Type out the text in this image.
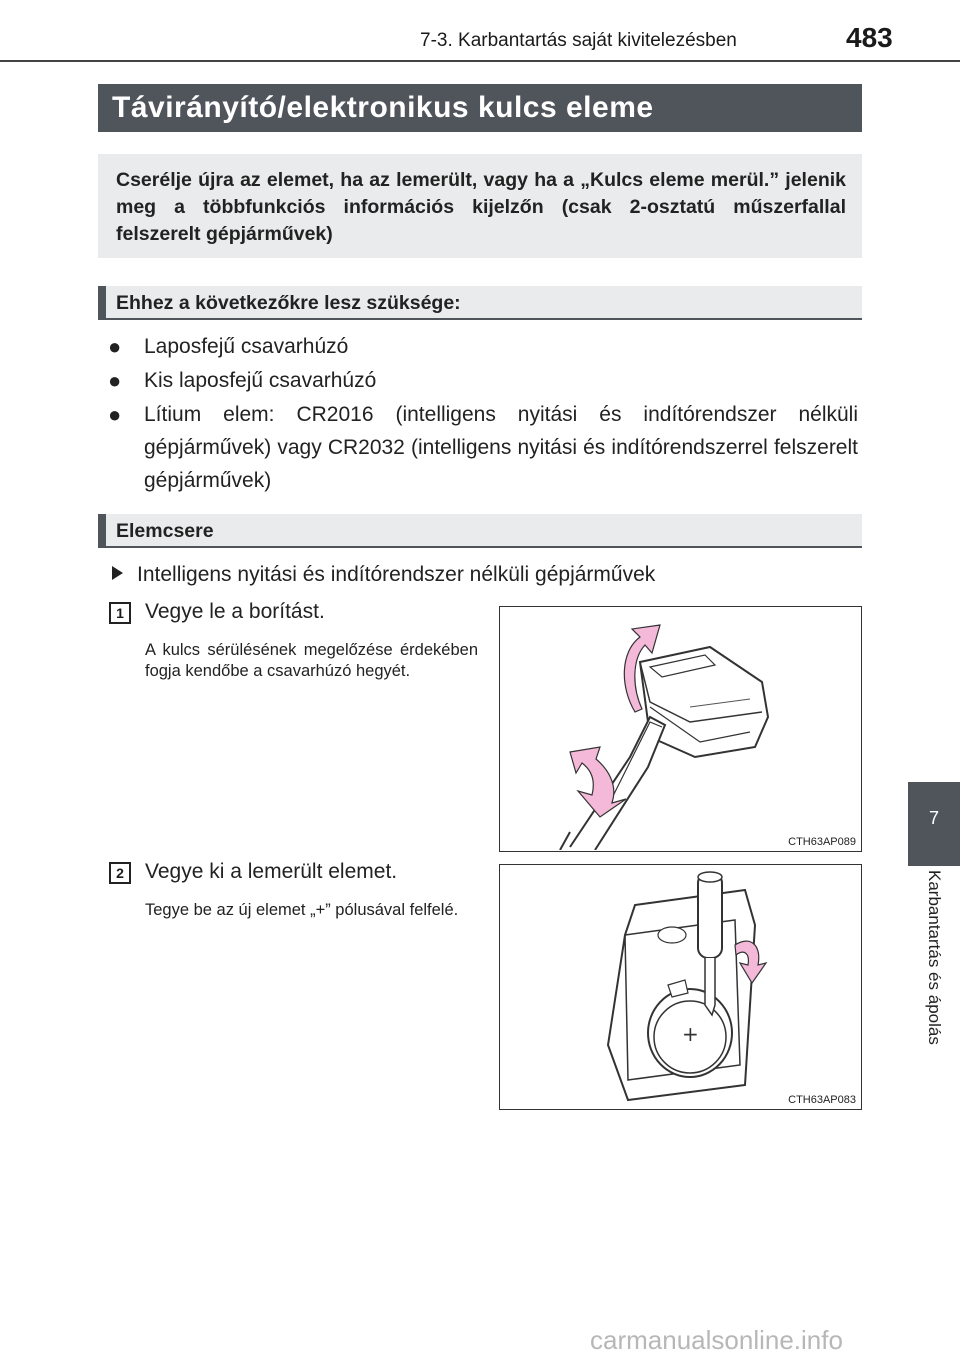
7-3. Karbantartás saját kivitelezésben	483
Távirányító/elektronikus kulcs eleme
Cserélje újra az elemet, ha az lemerült, vagy ha a „Kulcs eleme merül.” jelenik meg a többfunkciós információs kijelzőn (csak 2-osztatú műszerfallal felszerelt gépjárművek)
Ehhez a következőkre lesz szüksége:
● Laposfejű csavarhúzó
● Kis laposfejű csavarhúzó
● Lítium elem: CR2016 (intelligens nyitási és indítórendszer nélküli gépjárművek) vagy CR2032 (intelligens nyitási és indítórendszerrel felszerelt gépjárművek)
Elemcsere
Intelligens nyitási és indítórendszer nélküli gépjárművek
1	Vegye le a borítást.
A kulcs sérülésének megelőzése érdekében fogja kendőbe a csavarhúzó hegyét.
CTH63AP089
2	Vegye ki a lemerült elemet.
Tegye be az új elemet „+” pólusával felfelé.
+
CTH63AP083
7
Karbantartás és ápolás
carmanualsonline.info
